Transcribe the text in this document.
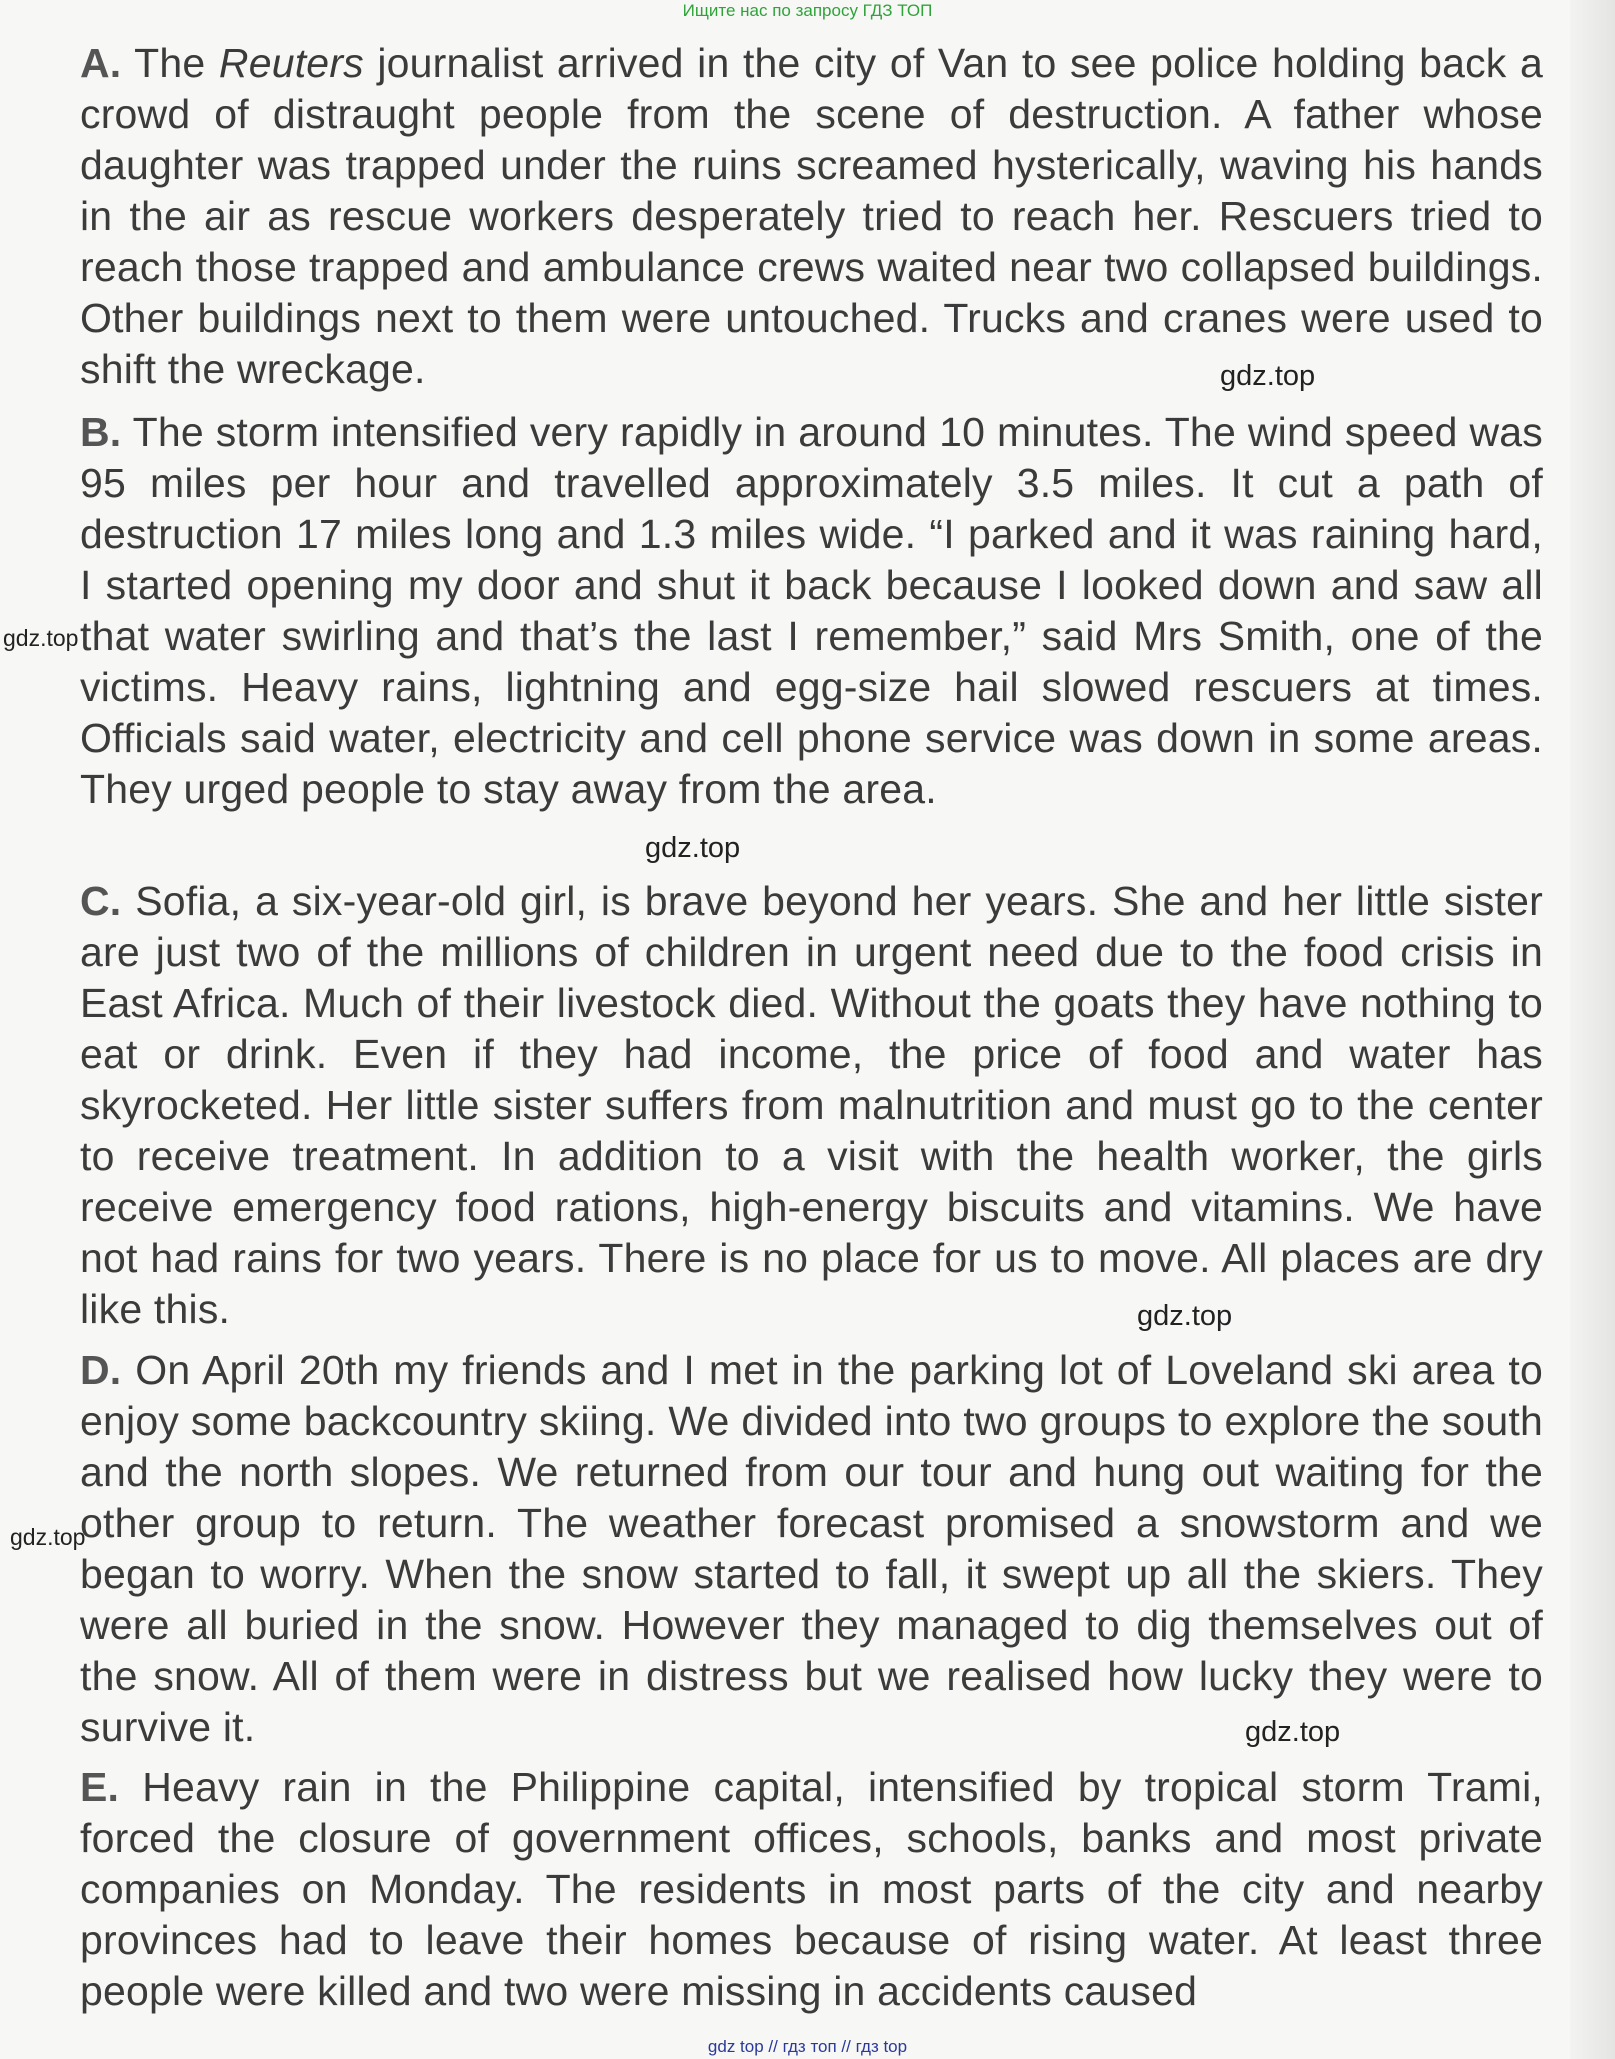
Ищите нас по запросу ГДЗ ТОП

A. The Reuters journalist arrived in the city of Van to see police holding back a crowd of distraught people from the scene of destruction. A father whose daughter was trapped under the ruins screamed hysterically, waving his hands in the air as rescue workers desperately tried to reach her. Rescuers tried to reach those trapped and ambulance crews waited near two collapsed buildings. Other buildings next to them were untouched. Trucks and cranes were used to shift the wreckage.

B. The storm intensified very rapidly in around 10 minutes. The wind speed was 95 miles per hour and travelled approximately 3.5 miles. It cut a path of destruction 17 miles long and 1.3 miles wide. “I parked and it was raining hard, I started opening my door and shut it back because I looked down and saw all that water swirling and that’s the last I remember,” said Mrs Smith, one of the victims. Heavy rains, lightning and egg-size hail slowed rescuers at times. Officials said water, electricity and cell phone service was down in some areas. They urged people to stay away from the area.

C. Sofia, a six-year-old girl, is brave beyond her years. She and her little sister are just two of the millions of children in urgent need due to the food crisis in East Africa. Much of their livestock died. Without the goats they have nothing to eat or drink. Even if they had income, the price of food and water has skyrocketed. Her little sister suffers from malnutrition and must go to the center to receive treatment. In addition to a visit with the health worker, the girls receive emergency food rations, high-energy biscuits and vitamins. We have not had rains for two years. There is no place for us to move. All places are dry like this.

D. On April 20th my friends and I met in the parking lot of Loveland ski area to enjoy some backcountry skiing. We divided into two groups to explore the south and the north slopes. We returned from our tour and hung out waiting for the other group to return. The weather forecast promised a snowstorm and we began to worry. When the snow started to fall, it swept up all the skiers. They were all buried in the snow. However they managed to dig themselves out of the snow. All of them were in distress but we realised how lucky they were to survive it.

E. Heavy rain in the Philippine capital, intensified by tropical storm Trami, forced the closure of government offices, schools, banks and most private companies on Monday. The residents in most parts of the city and nearby provinces had to leave their homes because of rising water. At least three people were killed and two were missing in accidents caused

gdz.top
gdz.top
gdz.top
gdz.top
gdz.top
gdz.top
gdz top // гдз топ // гдз top
